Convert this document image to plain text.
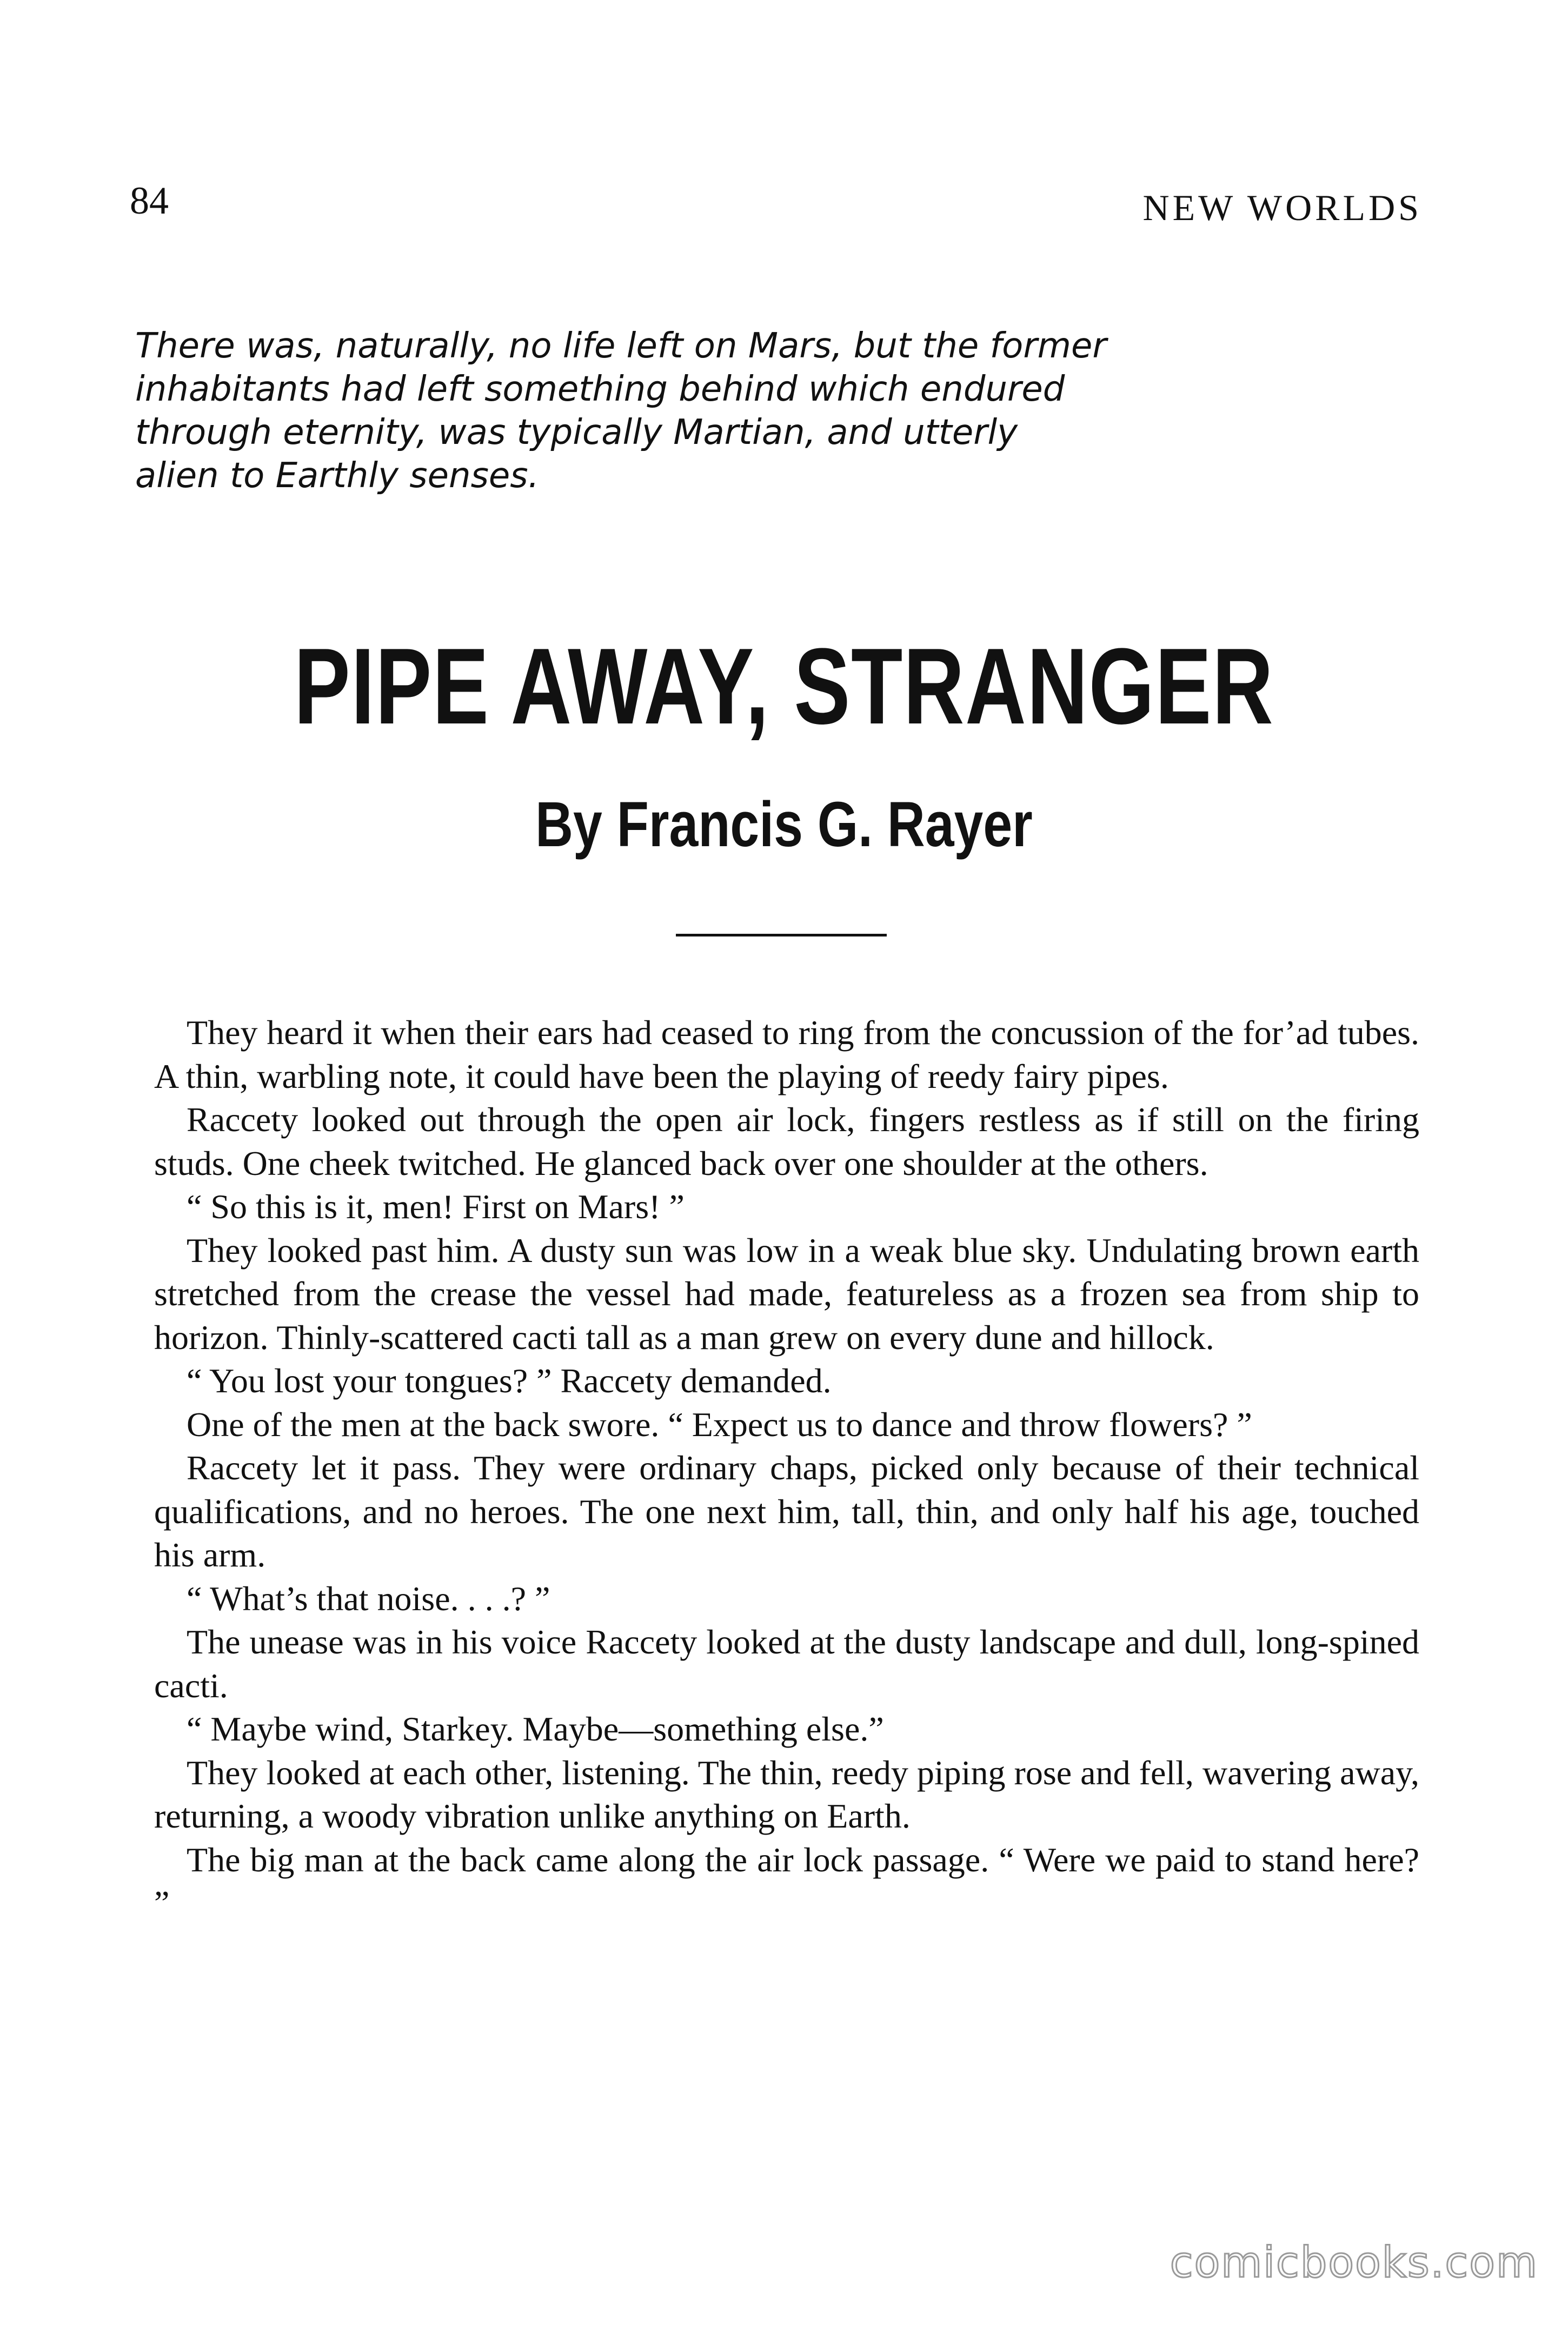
84	NEW WORLDS

There was, naturally, no life left on Mars, but the former inhabitants had left something behind which endured through eternity, was typically Martian, and utterly alien to Earthly senses.

PIPE AWAY, STRANGER
By Francis G. Rayer

They heard it when their ears had ceased to ring from the concussion of the for’ad tubes. A thin, warbling note, it could have been the playing of reedy fairy pipes.

Raccety looked out through the open air lock, fingers restless as if still on the firing studs. One cheek twitched. He glanced back over one shoulder at the others.

“ So this is it, men! First on Mars! ”

They looked past him. A dusty sun was low in a weak blue sky. Undulating brown earth stretched from the crease the vessel had made, featureless as a frozen sea from ship to horizon. Thinly-scattered cacti tall as a man grew on every dune and hillock.

“ You lost your tongues? ” Raccety demanded.

One of the men at the back swore. “ Expect us to dance and throw flowers? ”

Raccety let it pass. They were ordinary chaps, picked only because of their technical qualifications, and no heroes. The one next him, tall, thin, and only half his age, touched his arm.

“ What’s that noise. . . .? ”

The unease was in his voice Raccety looked at the dusty landscape and dull, long-spined cacti.

“ Maybe wind, Starkey. Maybe—something else.”

They looked at each other, listening. The thin, reedy piping rose and fell, wavering away, returning, a woody vibration unlike anything on Earth.

The big man at the back came along the air lock passage. “ Were we paid to stand here? ”

comicbooks.com
